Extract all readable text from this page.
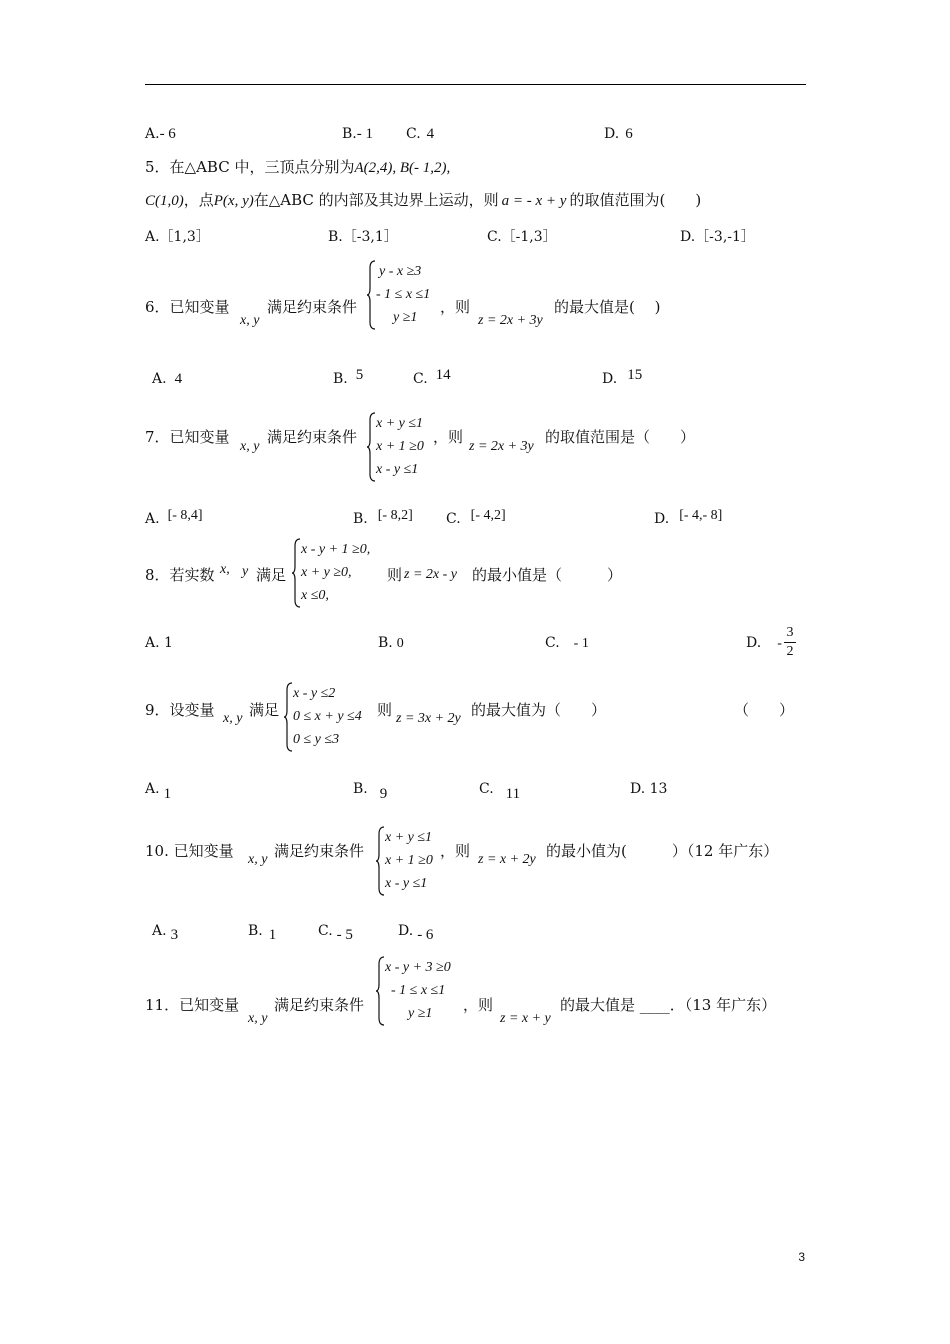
A.- 6	B.- 1 C. 4	D. 6
5．在△ABC 中，三顶点分别为A(2,4), B(- 1,2),
C(1,0)，点P(x, y)在△ABC 的内部及其边界上运动，则 a = - x + y 的取值范围为(　　)
A.［1,3］	B.［-3,1］	C.［-1,3］	D.［-3,-1］
6．已知变量
x, y
满足约束条件
y - x ≥3
- 1 ≤ x ≤1
y ≥1
，则
z = 2x + 3y
的最大值是(　 )
A. 4	B. 5	C. 14	D. 15
7．已知变量
x, y
满足约束条件
x + y ≤1
x + 1 ≥0
x - y ≤1
，则
z = 2x + 3y
的取值范围是（　　）
A. [- 8,4]	B. [- 8,2] C. [- 4,2]	D. [- 4,- 8]
8．若实数 x, y 满足
x - y + 1 ≥0,
x + y ≥0,
x ≤0,
则 z = 2x - y 的最小值是（　　　）
A. 1	B. 0	C. - 1	D. -
3
2
9．设变量 x, y 满足
x - y ≤2
0 ≤ x + y ≤4
0 ≤ y ≤3
则 z = 3x + 2y 的最大值为（　　）	（　　）
A. 1	B. 9	C. 11	D. 13
10. 已知变量 x, y 满足约束条件
x + y ≤1
x + 1 ≥0
x - y ≤1
，则 z = x + 2y 的最小值为(　　　）（12 年广东）
A. 3	B. 1	C. - 5	D. - 6
11．已知变量
x, y
满足约束条件
x - y + 3 ≥0
- 1 ≤ x ≤1
y ≥1 ，则
z = x + y
的最大值是 ____．（13 年广东）
3
